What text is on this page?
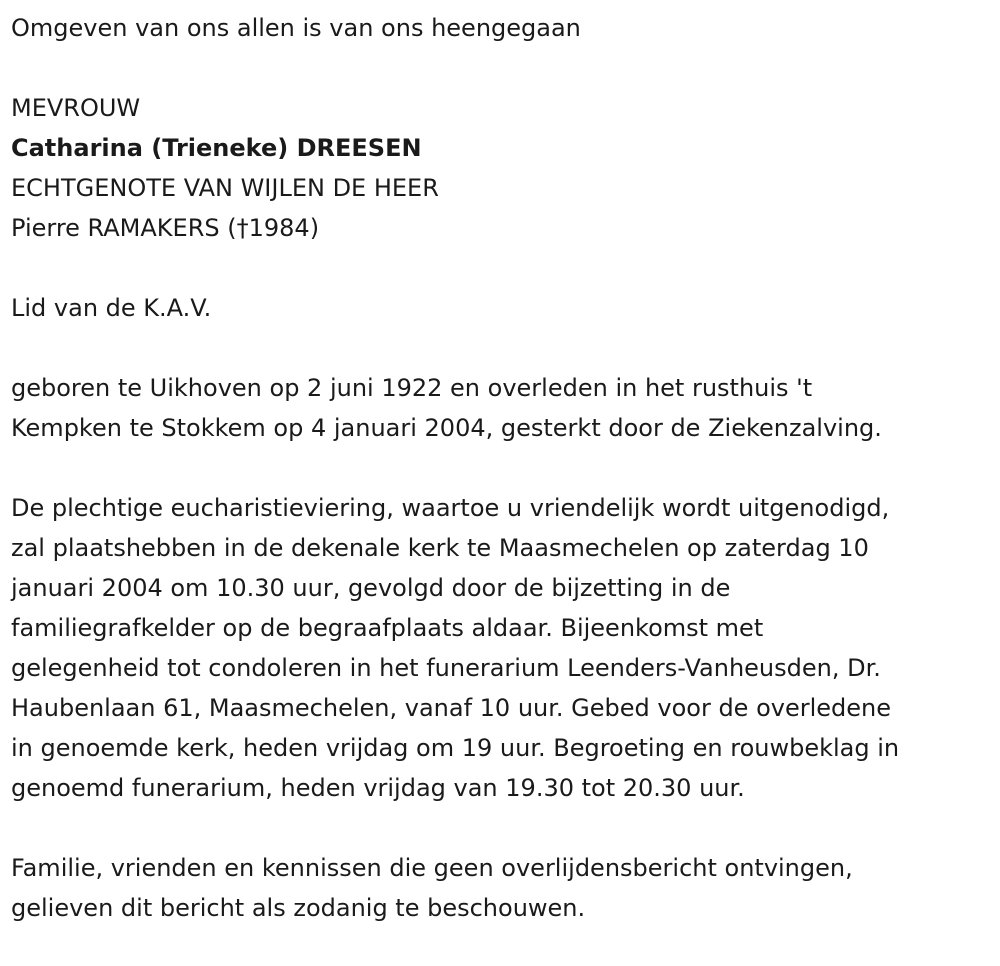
Omgeven van ons allen is van ons heengegaan
MEVROUW
Catharina (Trieneke) DREESEN
ECHTGENOTE VAN WIJLEN DE HEER
Pierre RAMAKERS (†1984)
Lid van de K.A.V.
geboren te Uikhoven op 2 juni 1922 en overleden in het rusthuis 't
Kempken te Stokkem op 4 januari 2004, gesterkt door de Ziekenzalving.
De plechtige eucharistieviering, waartoe u vriendelijk wordt uitgenodigd,
zal plaatshebben in de dekenale kerk te Maasmechelen op zaterdag 10
januari 2004 om 10.30 uur, gevolgd door de bijzetting in de
familiegrafkelder op de begraafplaats aldaar. Bijeenkomst met
gelegenheid tot condoleren in het funerarium Leenders-Vanheusden, Dr.
Haubenlaan 61, Maasmechelen, vanaf 10 uur. Gebed voor de overledene
in genoemde kerk, heden vrijdag om 19 uur. Begroeting en rouwbeklag in
genoemd funerarium, heden vrijdag van 19.30 tot 20.30 uur.
Familie, vrienden en kennissen die geen overlijdensbericht ontvingen,
gelieven dit bericht als zodanig te beschouwen.
